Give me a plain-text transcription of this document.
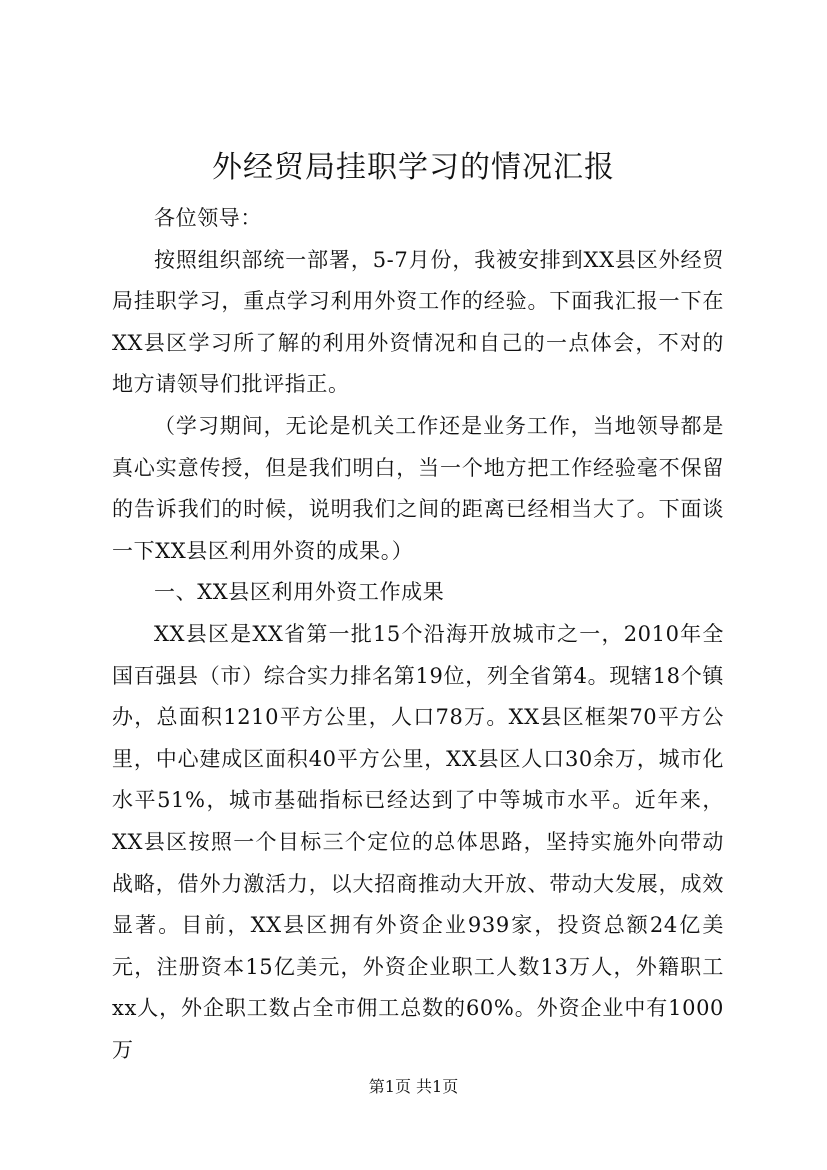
外经贸局挂职学习的情况汇报

各位领导：

按照组织部统一部署，5-7月份，我被安排到XX县区外经贸局挂职学习，重点学习利用外资工作的经验。下面我汇报一下在XX县区学习所了解的利用外资情况和自己的一点体会，不对的地方请领导们批评指正。

（学习期间，无论是机关工作还是业务工作，当地领导都是真心实意传授，但是我们明白，当一个地方把工作经验毫不保留的告诉我们的时候，说明我们之间的距离已经相当大了。下面谈一下XX县区利用外资的成果。）

一、XX县区利用外资工作成果

XX县区是XX省第一批15个沿海开放城市之一，2010年全国百强县（市）综合实力排名第19位，列全省第4。现辖18个镇办，总面积1210平方公里，人口78万。XX县区框架70平方公里，中心建成区面积40平方公里，XX县区人口30余万，城市化水平51%，城市基础指标已经达到了中等城市水平。近年来，XX县区按照一个目标三个定位的总体思路，坚持实施外向带动战略，借外力激活力，以大招商推动大开放、带动大发展，成效显著。目前，XX县区拥有外资企业939家，投资总额24亿美元，注册资本15亿美元，外资企业职工人数13万人，外籍职工xx人，外企职工数占全市佣工总数的60%。外资企业中有1000万

第1页 共1页
